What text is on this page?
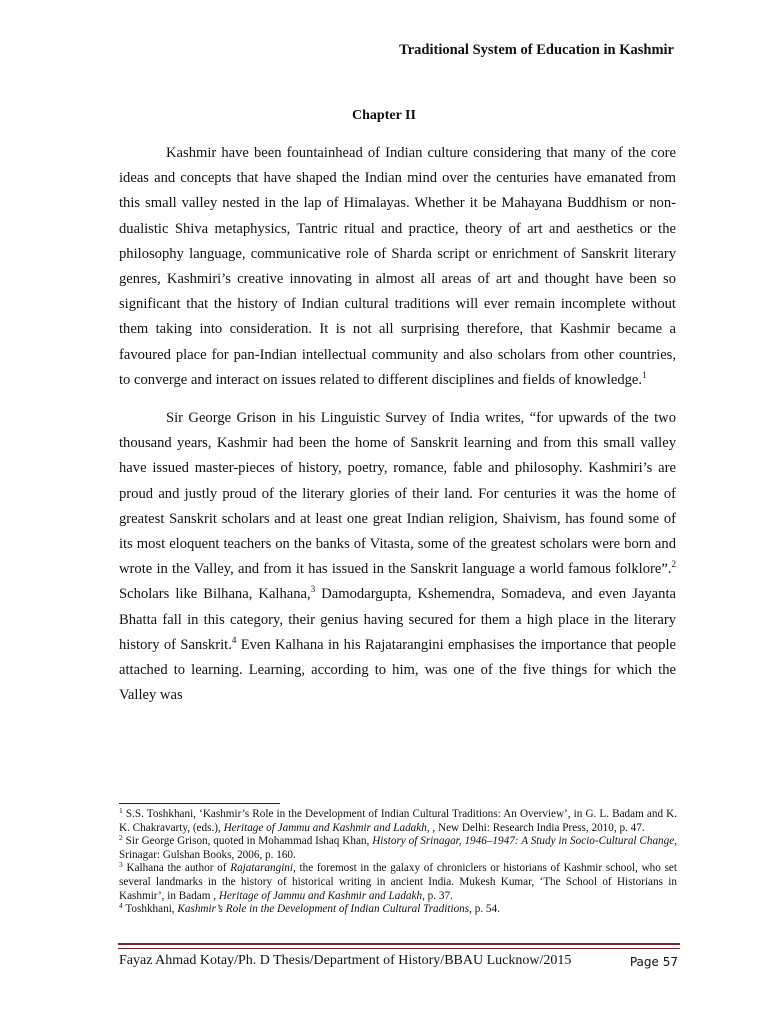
Traditional System of Education in Kashmir
Chapter II

Kashmir have been fountainhead of Indian culture considering that many of the core ideas and concepts that have shaped the Indian mind over the centuries have emanated from this small valley nested in the lap of Himalayas. Whether it be Mahayana Buddhism or non-dualistic Shiva metaphysics, Tantric ritual and practice, theory of art and aesthetics or the philosophy language, communicative role of Sharda script or enrichment of Sanskrit literary genres, Kashmiri’s creative innovating in almost all areas of art and thought have been so significant that the history of Indian cultural traditions will ever remain incomplete without them taking into consideration. It is not all surprising therefore, that Kashmir became a favoured place for pan-Indian intellectual community and also scholars from other countries, to converge and interact on issues related to different disciplines and fields of knowledge.$^1$

Sir George Grison in his Linguistic Survey of India writes, “for upwards of the two thousand years, Kashmir had been the home of Sanskrit learning and from this small valley have issued master-pieces of history, poetry, romance, fable and philosophy. Kashmiri’s are proud and justly proud of the literary glories of their land. For centuries it was the home of greatest Sanskrit scholars and at least one great Indian religion, Shaivism, has found some of its most eloquent teachers on the banks of Vitasta, some of the greatest scholars were born and wrote in the Valley, and from it has issued in the Sanskrit language a world famous folklore”.$^2$ Scholars like Bilhana, Kalhana,$^3$ Damodargupta, Kshemendra, Somadeva, and even Jayanta Bhatta fall in this category, their genius having secured for them a high place in the literary history of Sanskrit.$^4$ Even Kalhana in his Rajatarangini emphasises the importance that people attached to learning. Learning, according to him, was one of the five things for which the Valley was

$^1$ S.S. Toshkhani, ‘Kashmir’s Role in the Development of Indian Cultural Traditions: An Overview’, in G. L. Badam and K. K. Chakravarty, (eds.), Heritage of Jammu and Kashmir and Ladakh, , New Delhi: Research India Press, 2010, p. 47.

$^2$ Sir George Grison, quoted in Mohammad Ishaq Khan, History of Srinagar, 1946–1947: A Study in Socio-Cultural Change, Srinagar: Gulshan Books, 2006, p. 160.

$^3$ Kalhana the author of Rajatarangini, the foremost in the galaxy of chroniclers or historians of Kashmir school, who set several landmarks in the history of historical writing in ancient India. Mukesh Kumar, ‘The School of Historians in Kashmir’, in Badam , Heritage of Jammu and Kashmir and Ladakh, p. 37.

$^4$ Toshkhani, Kashmir’s Role in the Development of Indian Cultural Traditions, p. 54.

Fayaz Ahmad Kotay/Ph. D Thesis/Department of History/BBAU Lucknow/2015	Page 57
